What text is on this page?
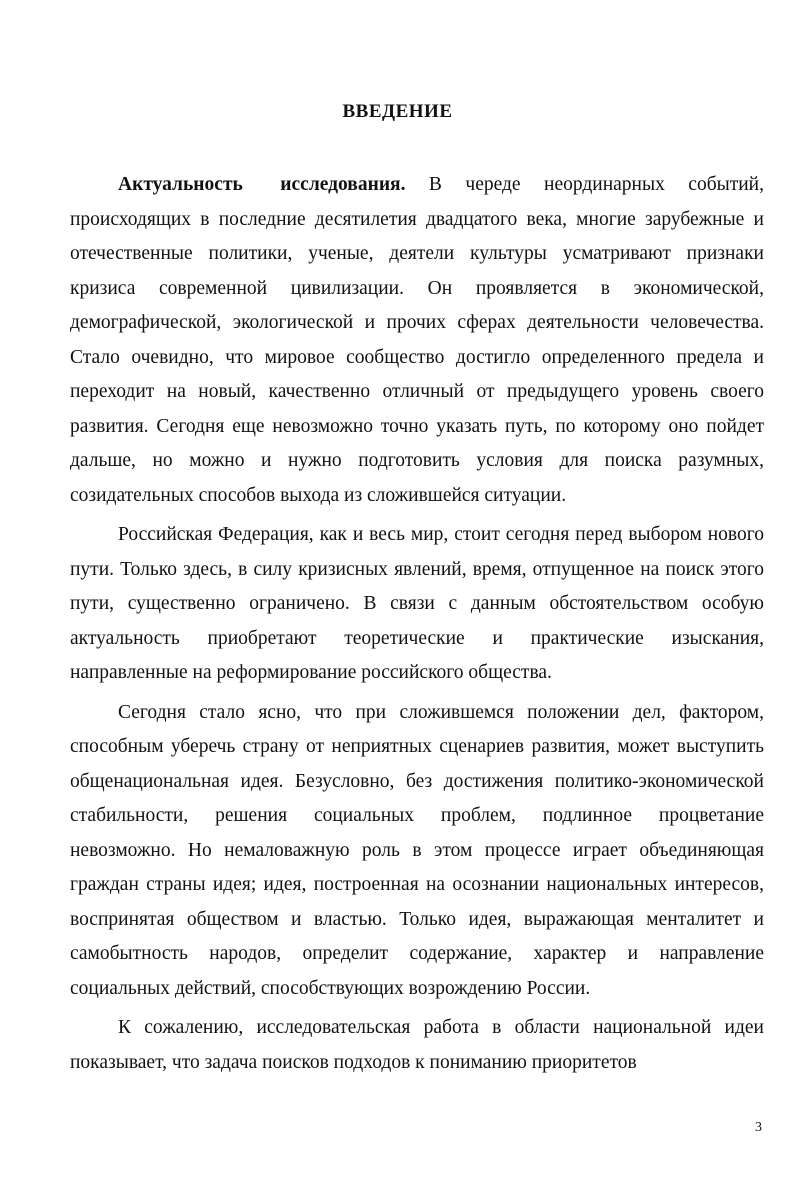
ВВЕДЕНИЕ

Актуальность исследования. В череде неординарных событий, происходящих в последние десятилетия двадцатого века, многие зарубежные и отечественные политики, ученые, деятели культуры усматривают признаки кризиса современной цивилизации. Он проявляется в экономической, демографической, экологической и прочих сферах деятельности человечества. Стало очевидно, что мировое сообщество достигло определенного предела и переходит на новый, качественно отличный от предыдущего уровень своего развития. Сегодня еще невозможно точно указать путь, по которому оно пойдет дальше, но можно и нужно подготовить условия для поиска разумных, созидательных способов выхода из сложившейся ситуации.

Российская Федерация, как и весь мир, стоит сегодня перед выбором нового пути. Только здесь, в силу кризисных явлений, время, отпущенное на поиск этого пути, существенно ограничено. В связи с данным обстоятельством особую актуальность приобретают теоретические и практические изыскания, направленные на реформирование российского общества.

Сегодня стало ясно, что при сложившемся положении дел, фактором, способным уберечь страну от неприятных сценариев развития, может выступить общенациональная идея. Безусловно, без достижения политико-экономической стабильности, решения социальных проблем, подлинное процветание невозможно. Но немаловажную роль в этом процессе играет объединяющая граждан страны идея; идея, построенная на осознании национальных интересов, воспринятая обществом и властью. Только идея, выражающая менталитет и самобытность народов, определит содержание, характер и направление социальных действий, способствующих возрождению России.

К сожалению, исследовательская работа в области национальной идеи показывает, что задача поисков подходов к пониманию приоритетов

3
